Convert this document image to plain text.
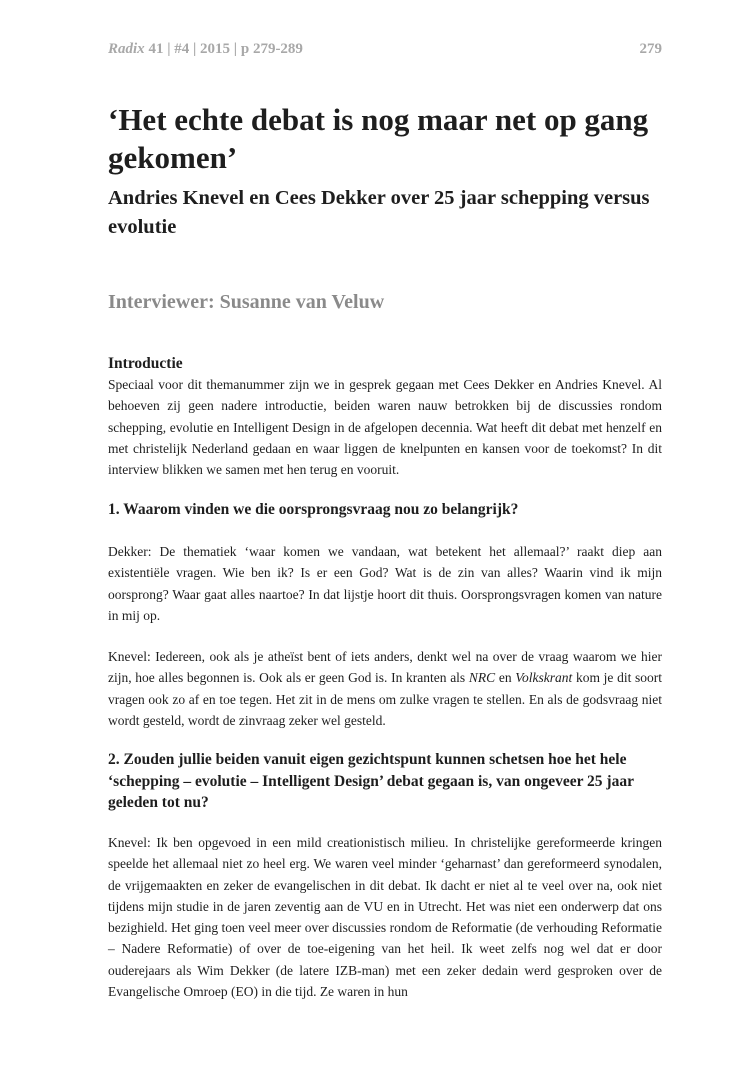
Radix 41 | #4 | 2015 | p 279-289	279
‘Het echte debat is nog maar net op gang gekomen’
Andries Knevel en Cees Dekker over 25 jaar schepping versus evolutie
Interviewer: Susanne van Veluw
Introductie

Speciaal voor dit themanummer zijn we in gesprek gegaan met Cees Dekker en Andries Knevel. Al behoeven zij geen nadere introductie, beiden waren nauw betrokken bij de discussies rondom schepping, evolutie en Intelligent Design in de afgelopen decennia. Wat heeft dit debat met henzelf en met christelijk Nederland gedaan en waar liggen de knelpunten en kansen voor de toekomst? In dit interview blikken we samen met hen terug en vooruit.

1. Waarom vinden we die oorsprongsvraag nou zo belangrijk?

Dekker: De thematiek ‘waar komen we vandaan, wat betekent het allemaal?’ raakt diep aan existentiële vragen. Wie ben ik? Is er een God? Wat is de zin van alles? Waarin vind ik mijn oorsprong? Waar gaat alles naartoe? In dat lijstje hoort dit thuis. Oorsprongsvragen komen van nature in mij op.

Knevel: Iedereen, ook als je atheïst bent of iets anders, denkt wel na over de vraag waarom we hier zijn, hoe alles begonnen is. Ook als er geen God is. In kranten als NRC en Volkskrant kom je dit soort vragen ook zo af en toe tegen. Het zit in de mens om zulke vragen te stellen. En als de godsvraag niet wordt gesteld, wordt de zinvraag zeker wel gesteld.

2. Zouden jullie beiden vanuit eigen gezichtspunt kunnen schetsen hoe het hele ‘schepping – evolutie – Intelligent Design’ debat gegaan is, van ongeveer 25 jaar geleden tot nu?

Knevel: Ik ben opgevoed in een mild creationistisch milieu. In christelijke gereformeerde kringen speelde het allemaal niet zo heel erg. We waren veel minder ‘geharnast’ dan gereformeerd synodalen, de vrijgemaakten en zeker de evangelischen in dit debat. Ik dacht er niet al te veel over na, ook niet tijdens mijn studie in de jaren zeventig aan de VU en in Utrecht. Het was niet een onderwerp dat ons bezighield. Het ging toen veel meer over discussies rondom de Reformatie (de verhouding Reformatie – Nadere Reformatie) of over de toe-eigening van het heil. Ik weet zelfs nog wel dat er door ouderejaars als Wim Dekker (de latere IZB-man) met een zeker dedain werd gesproken over de Evangelische Omroep (EO) in die tijd. Ze waren in hun
